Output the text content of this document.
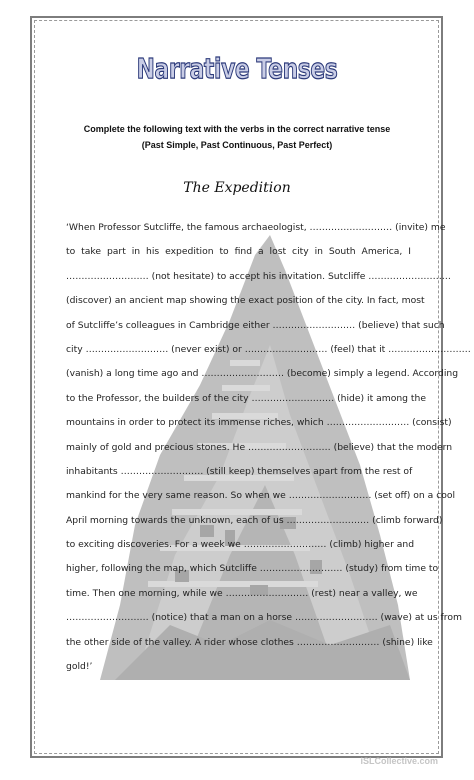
Narrative Tenses
Complete the following text with the verbs in the correct narrative tense
(Past Simple, Past Continuous, Past Perfect)
The Expedition
‘When Professor Sutcliffe, the famous archaeologist, ……………………… (invite) me
to take part in his expedition to find a lost city in South America, I
……………………… (not hesitate) to accept his invitation. Sutcliffe ………………………
(discover) an ancient map showing the exact position of the city. In fact, most
of Sutcliffe’s colleagues in Cambridge either ……………………… (believe) that such
city ……………………… (never exist) or ……………………… (feel) that it ………………………
(vanish) a long time ago and ……………………… (become) simply a legend. According
to the Professor, the builders of the city ……………………… (hide) it among the
mountains in order to protect its immense riches, which ……………………… (consist)
mainly of gold and precious stones. He ……………………… (believe) that the modern
inhabitants ……………………… (still keep) themselves apart from the rest of
mankind for the very same reason. So when we ……………………… (set off) on a cool
April morning towards the unknown, each of us ……………………… (climb forward)
to exciting discoveries. For a week we ……………………… (climb) higher and
higher, following the map, which Sutcliffe ……………………… (study) from time to
time. Then one morning, while we ……………………… (rest) near a valley, we
……………………… (notice) that a man on a horse ……………………… (wave) at us from
the other side of the valley. A rider whose clothes ……………………… (shine) like
gold!’
iSLCollective.com
